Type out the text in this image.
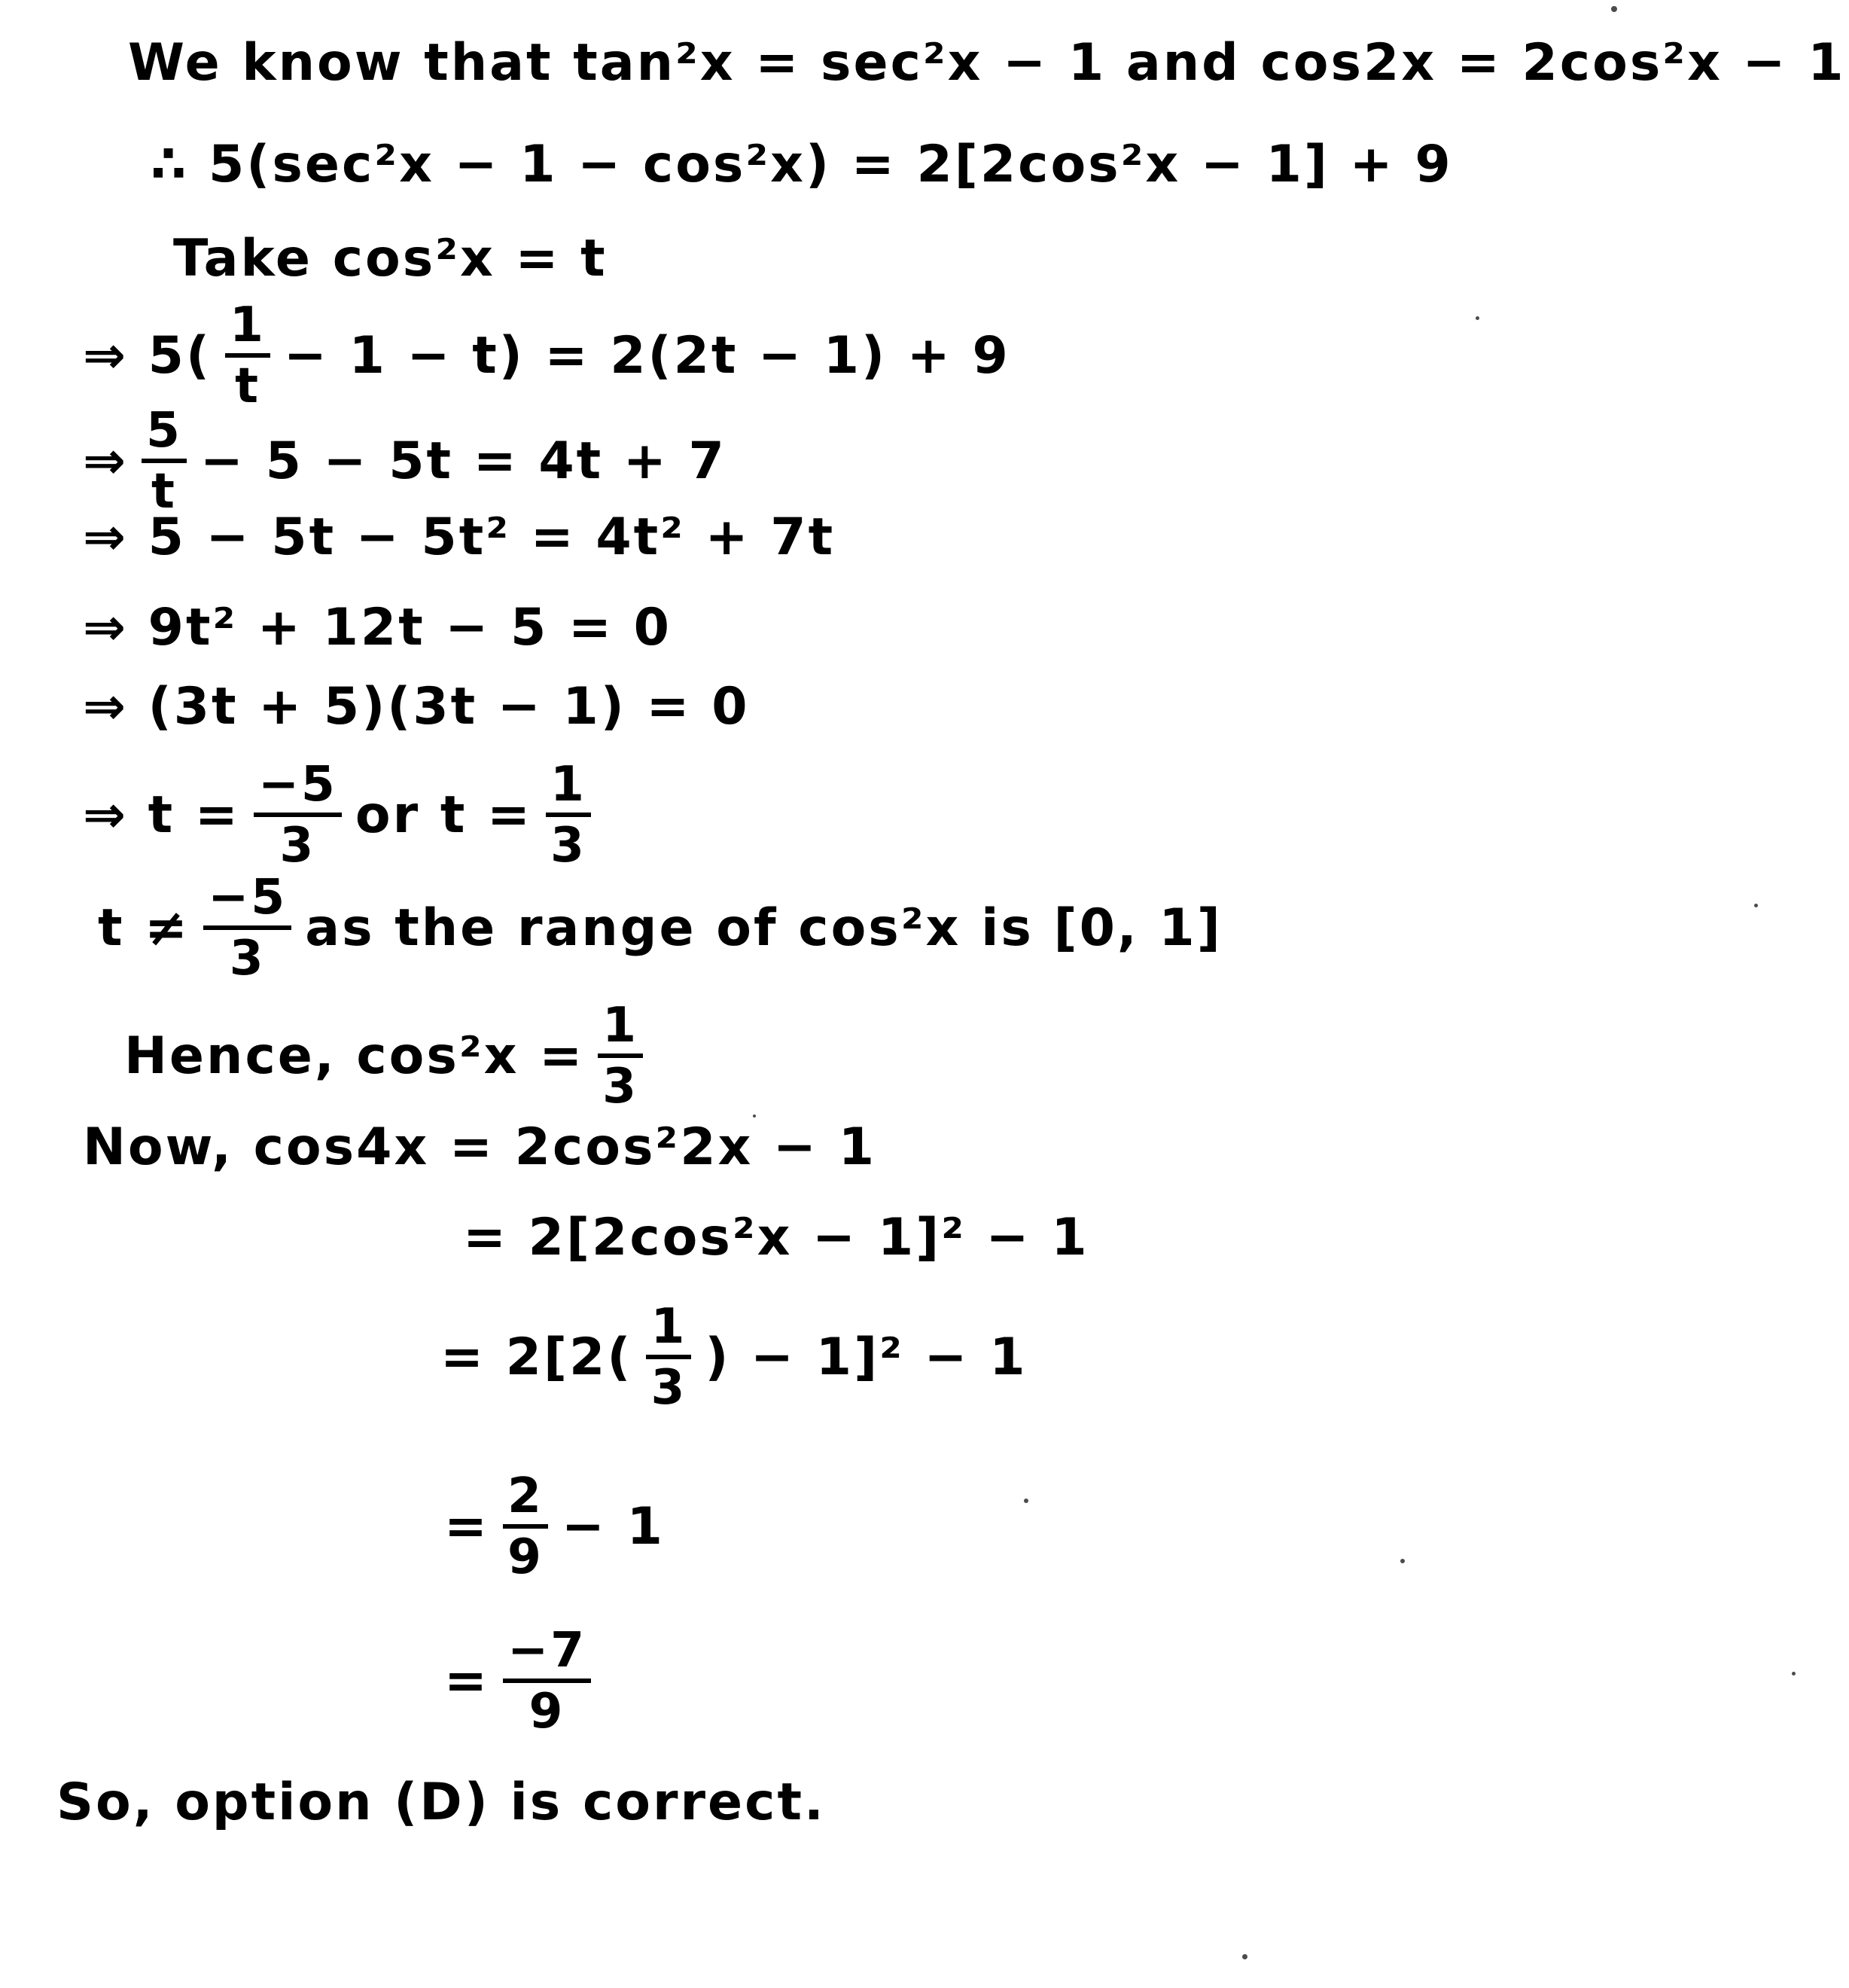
We know that tan²x = sec²x − 1 and cos2x = 2cos²x − 1
∴ 5(sec²x − 1 − cos²x) = 2[2cos²x − 1] + 9
Take cos²x = t
⇒ $5( \frac{1}{t} - 1 - t) = 2(2t - 1) + 9$
⇒ $\frac{5}{t} - 5 - 5t = 4t + 7$
⇒ 5 − 5t − 5t² = 4t² + 7t
⇒ 9t² + 12t − 5 = 0
⇒ (3t + 5)(3t − 1) = 0
⇒ $t = \frac{-5}{3}$ or $t = \frac{1}{3}$
$t \ne \frac{-5}{3}$ as the range of cos²x is [0, 1]
Hence, $\cos^2x = \frac{1}{3}$
Now, cos4x = 2cos²2x − 1
= 2[2cos²x − 1]² − 1
= $2[2( \frac{1}{3}$ ) − 1]² − 1
= $\frac{2}{9} - 1$
= $\frac{-7}{9}$
So, option (D) is correct.
